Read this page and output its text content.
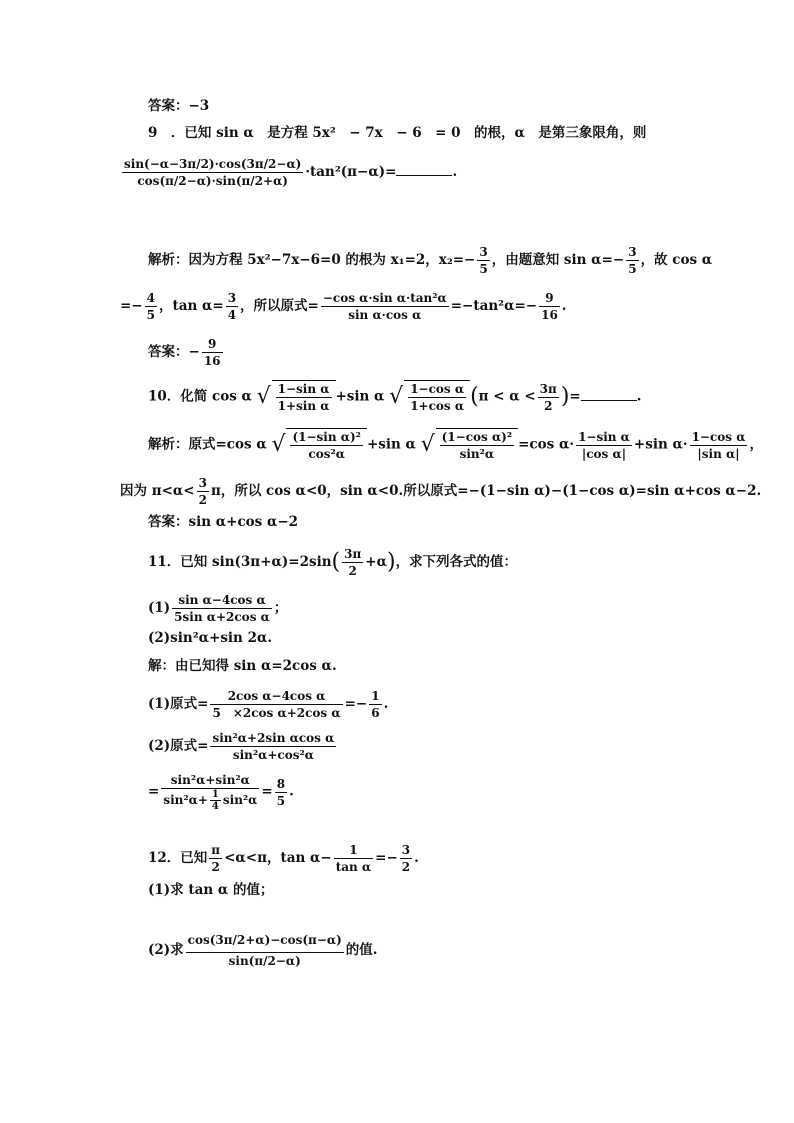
答案：−3
9　．已知 sin α　是方程 5x²　− 7x　− 6　= 0　的根，α　是第三象限角，则
$\frac{\sin(-\alpha-3\pi/2)\cdot\cos(3\pi/2-\alpha)}{\cos(\pi/2-\alpha)\cdot\sin(\pi/2+\alpha)} \cdot\tan^2(\pi-\alpha)=$	.
解析：因为方程 5x²−7x−6=0 的根为 x₁=2，$x_2=- \frac{3}{5}$ ，由题意知 $\sin \alpha=- \frac{3}{5}$ ，故 cos α
=− $\frac{4}{5}$ ，$\tan \alpha= \frac{3}{4}$ ，所以原式= $\frac{\text{−cos α·sin α·tan²α}}{\text{sin α·cos α}} =-\tan^2\alpha=- \frac{9}{16}$ .
答案：− $\frac{9}{16}$
10．化简 cos α √ $\frac{\text{1−sin α}}{\text{1+sin α}} +\sin$ α √ $\frac{\text{1−cos α}}{\text{1+cos α}} (\pi < \alpha < \frac{3\pi}{2}$ )=	.
解析：原式=cos α √ $\frac{\text{(1−sin α)²}}{\text{cos²α}} +\sin$ α √ $\frac{\text{(1−cos α)²}}{\text{sin²α}} =\cos$ $\alpha\cdot \frac{\text{1−sin α}}{\text{|cos α|}} +\sin$ $\alpha\cdot \frac{\text{1−cos α}}{\text{|sin α|}}$ ，
因为 $\pi<\alpha< \frac{3}{2}$ π，所以 cos α<0，sin α<0.所以原式=−(1−sin α)−(1−cos α)=sin α+cos α−2.
答案：sin α+cos α−2
11．已知 $\sin(3\pi+\alpha)=2\sin( \frac{3\pi}{2} +\alpha)$，求下列各式的值：
$(1) \frac{\text{sin α−4cos α}}{\text{5sin α+2cos α}}$ ；
(2)sin²α+sin 2α.
解：由已知得 sin α=2cos α.
(1)原式= $\frac{\text{2cos α−4cos α}}{\text{5　×2cos α+2cos α}} =- \frac{1}{6}$ .
(2)原式= $\frac{\text{sin²α+2sin αcos α}}{\text{sin²α+cos²α}}$
= $\frac{\text{sin²α+sin²α}}{\sin^2\alpha+ \frac{1}{4} \sin^2\alpha} = \frac{8}{5}$ .
12．已知 $\frac{\pi}{2} <\alpha<\pi$，$\tan \alpha- \frac{1}{\text{tan α}} =- \frac{3}{2}$ .
(1)求 tan α 的值；
(2)求 $\frac{\cos(3\pi/2+\alpha)-\cos(\pi-\alpha)}{\sin(\pi/2-\alpha)}$ 的值.
